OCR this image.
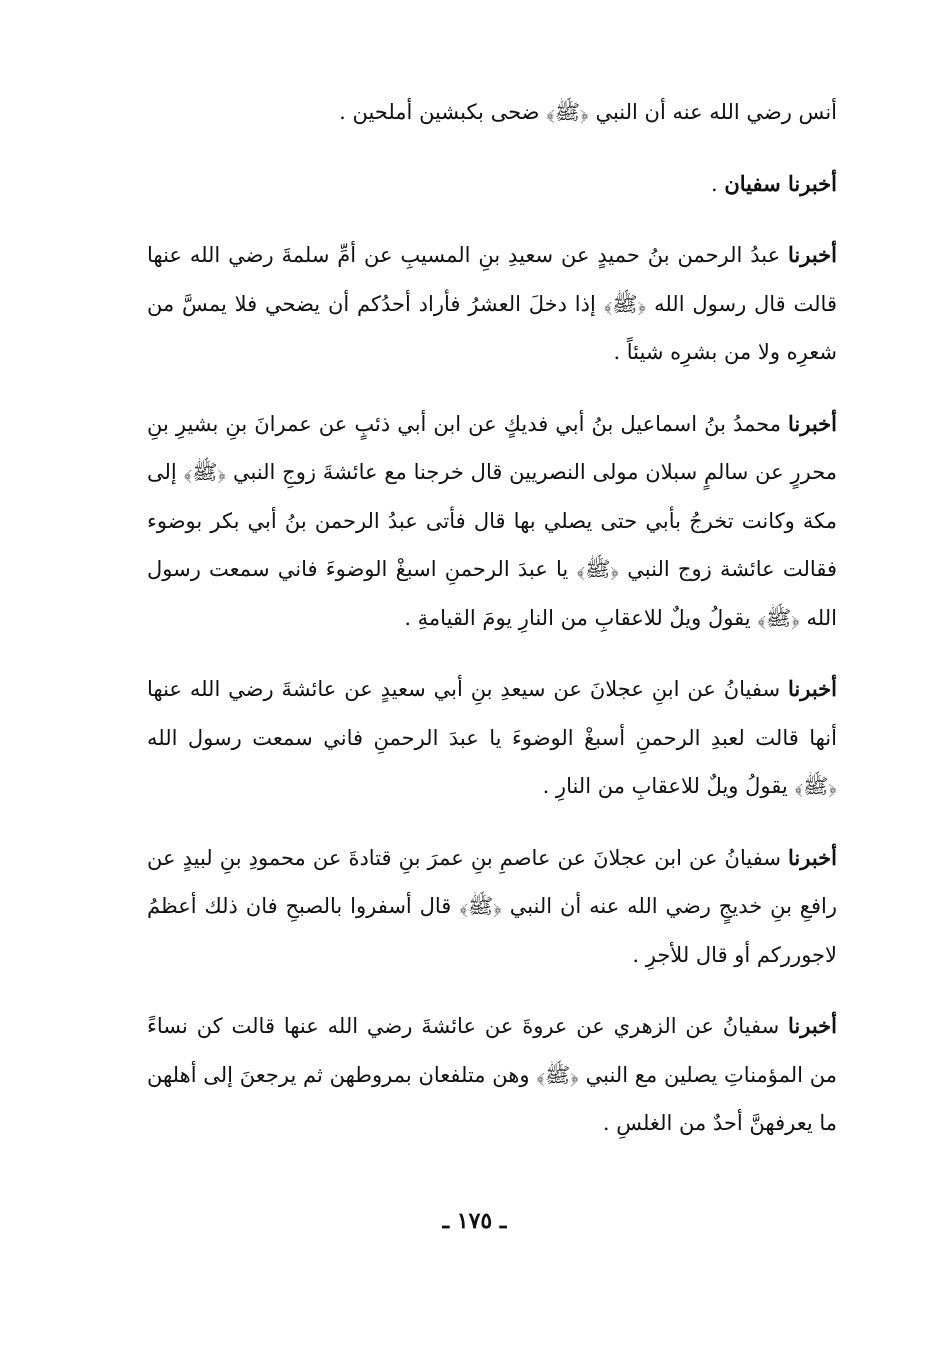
أنس رضي الله عنه أن النبي ﴿ﷺ﴾ ضحى بكبشين أملحين .

أخبرنا سفيان .

أخبرنا عبدُ الرحمن بنُ حميدٍ عن سعيدِ بنِ المسيبِ عن أمِّ سلمةَ رضي الله عنها قالت قال رسول الله ﴿ﷺ﴾ إذا دخلَ العشرُ فأراد أحدُكم أن يضحي فلا يمسَّ من شعرِه ولا من بشرِه شيئاً .

أخبرنا محمدُ بنُ اسماعيل بنُ أبي فديكٍ عن ابن أبي ذئبٍ عن عمرانَ بنِ بشيرِ بنِ محررٍ عن سالمٍ سبلان مولى النصريين قال خرجنا مع عائشةَ زوجِ النبي ﴿ﷺ﴾ إلى مكة وكانت تخرجُ بأبي حتى يصلي بها قال فأتى عبدُ الرحمن بنُ أبي بكر بوضوء فقالت عائشة زوج النبي ﴿ﷺ﴾ يا عبدَ الرحمنِ اسبغْ الوضوءَ فاني سمعت رسول الله ﴿ﷺ﴾ يقولُ ويلٌ للاعقابِ من النارِ يومَ القيامةِ .

أخبرنا سفيانُ عن ابنِ عجلانَ عن سيعدِ بنِ أبي سعيدٍ عن عائشةَ رضي الله عنها أنها قالت لعبدِ الرحمنِ أسبغْ الوضوءَ يا عبدَ الرحمنِ فاني سمعت رسول الله ﴿ﷺ﴾ يقولُ ويلٌ للاعقابِ من النارِ .

أخبرنا سفيانُ عن ابن عجلانَ عن عاصمِ بنِ عمرَ بنِ قتادةَ عن محمودِ بنِ لبيدٍ عن رافعِ بنِ خديجٍ رضي الله عنه أن النبي ﴿ﷺ﴾ قال أسفروا بالصبحِ فان ذلك أعظمُ لاجورركم أو قال للأجرِ .

أخبرنا سفيانُ عن الزهري عن عروةَ عن عائشةَ رضي الله عنها قالت كن نساءً من المؤمناتِ يصلين مع النبي ﴿ﷺ﴾ وهن متلفعان بمروطهن ثم يرجعنَ إلى أهلهن ما يعرفهنَّ أحدٌ من الغلسِ .

ـ ١٧٥ ـ
